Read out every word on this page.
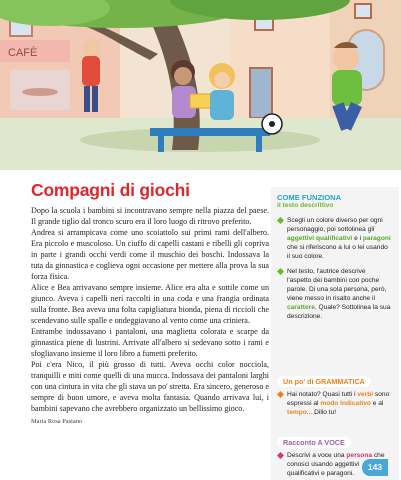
CAFÈ
Compagni di giochi

Dopo la scuola i bambini si incontravano sempre nella piazza del paese. Il grande tiglio dal tronco scuro era il loro luogo di ritrovo preferito.

Andrea si arrampicava come uno scoiattolo sui primi rami dell'albero. Era piccolo e muscoloso. Un ciuffo di capelli castani e ribelli gli copriva in parte i grandi occhi verdi come il muschio dei boschi. Indossava la tuta da ginnastica e coglieva ogni occasione per mettere alla prova la sua forza fisica.

Alice e Bea arrivavano sempre insieme. Alice era alta e sottile come un giunco. Aveva i capelli neri raccolti in una coda e una frangia ordinata sulla fronte. Bea aveva una folta capigliatura bionda, piena di riccioli che scendevano sulle spalle e ondeggiavano al vento come una criniera.

Entrambe indossavano i pantaloni, una maglietta colorata e scarpe da ginnastica piene di lustrini. Arrivate all'albero si sedevano sotto i rami e sfogliavano insieme il loro libro a fumetti preferito.

Poi c'era Nico, il più grosso di tutti. Aveva occhi color nocciola, tranquilli e miti come quelli di una mucca. Indossava dei pantaloni larghi con una cintura in vita che gli stava un po' stretta. Era sincero, generoso e sempre di buon umore, e aveva molta fantasia. Quando arrivava lui, i bambini sapevano che avrebbero organizzato un bellissimo gioco.

Maria Rosa Pastano
COME FUNZIONA
il testo descrittivo
Scegli un colore diverso per ogni personaggio, poi sottolinea gli aggettivi qualificativi e i paragoni che si riferiscono a lui o lei usando il suo colore.
Nel testo, l'autrice descrive l'aspetto dei bambini con poche parole. Di una sola persona, però, viene messo in risalto anche il carattere. Quale? Sottolinea la sua descrizione.
Un po' di GRAMMATICA
Hai notato? Quasi tutti i verbi sono espressi al modo indicativo e al tempo... Dillo tu!
Racconto A VOCE
Descrivi a voce una persona che conosci usando aggettivi qualificativi e paragoni.
143
